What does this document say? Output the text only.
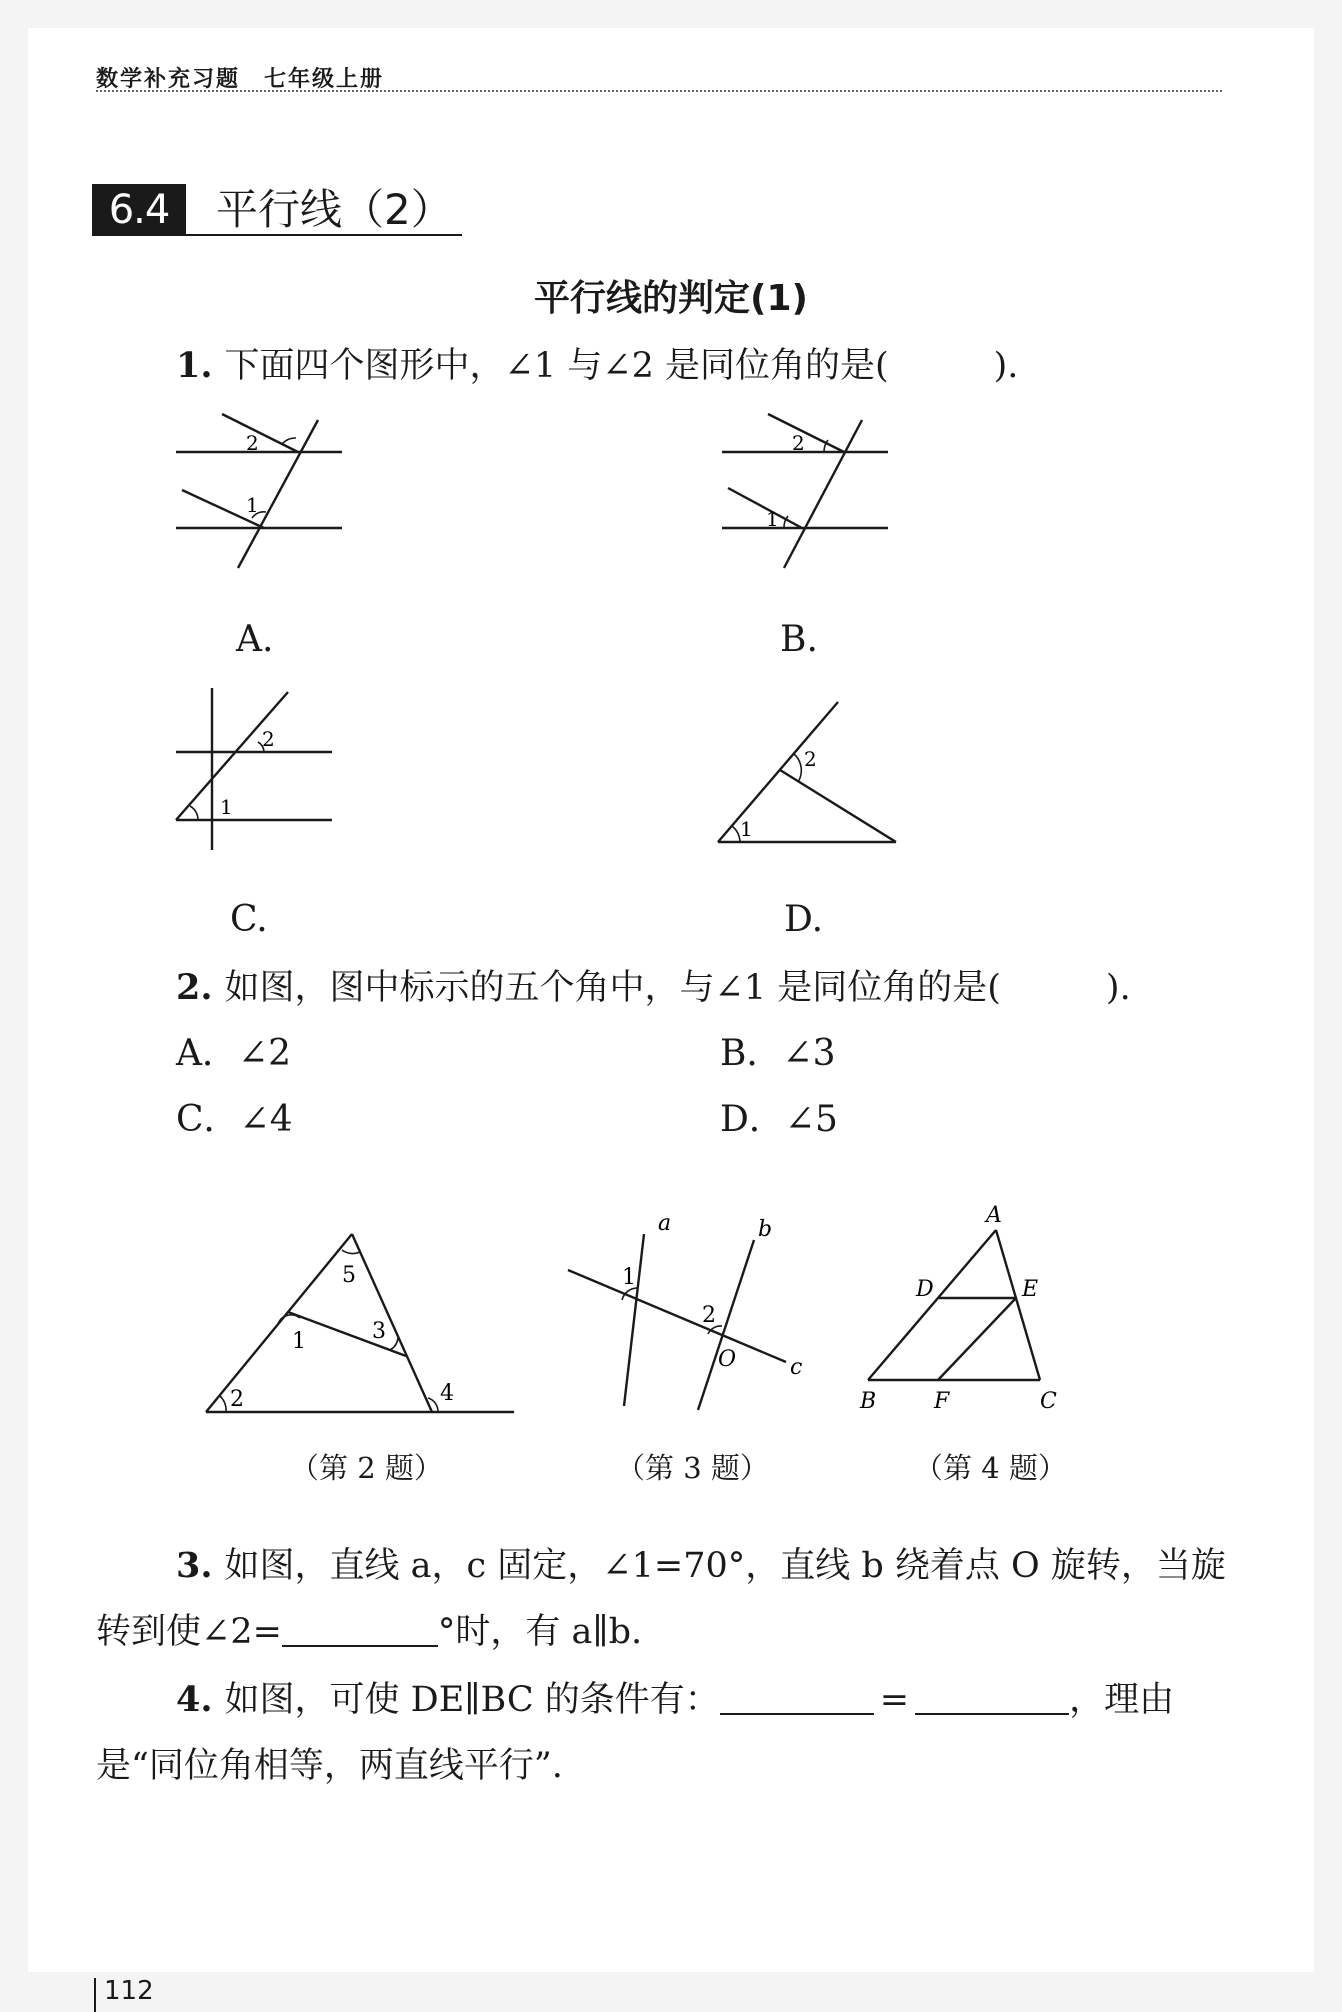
数学补充习题　七年级上册
6.4	平行线（2）
平行线的判定(1)
1. 下面四个图形中，∠1 与∠2 是同位角的是(　　　).
2
1
A.
2
1
B.
2
1
C.
2
1
D.
2. 如图，图中标示的五个角中，与∠1 是同位角的是(　　　).
A．∠2	B．∠3
C．∠4	D．∠5
1
2
3
4
5
（第 2 题）
a	b
c
1
2
O
（第 3 题）
A
D	E
B	F	C
（第 4 题）
3. 如图，直线 a，c 固定，∠1=70°，直线 b 绕着点 O 旋转，当旋
转到使∠2=	°时，有 a∥b.
4. 如图，可使 DE∥BC 的条件有：	=	，理由
是“同位角相等，两直线平行”.
112
